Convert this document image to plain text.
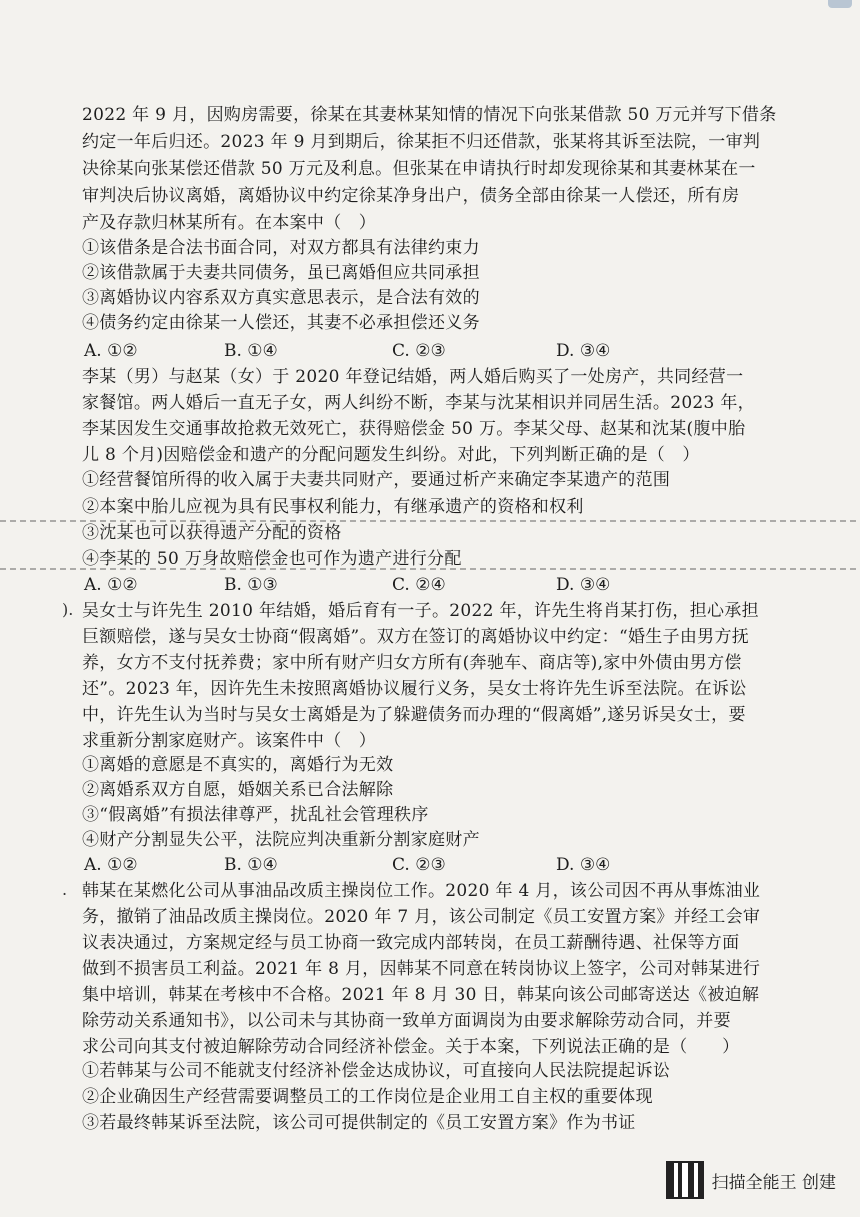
2022 年 9 月，因购房需要，徐某在其妻林某知情的情况下向张某借款 50 万元并写下借条
约定一年后归还。2023 年 9 月到期后，徐某拒不归还借款，张某将其诉至法院，一审判
决徐某向张某偿还借款 50 万元及利息。但张某在申请执行时却发现徐某和其妻林某在一
审判决后协议离婚，离婚协议中约定徐某净身出户，债务全部由徐某一人偿还，所有房
产及存款归林某所有。在本案中（　）
①该借条是合法书面合同，对双方都具有法律约束力
②该借款属于夫妻共同债务，虽已离婚但应共同承担
③离婚协议内容系双方真实意思表示，是合法有效的
④债务约定由徐某一人偿还，其妻不必承担偿还义务
A. ①②	B. ①④	C. ②③	D. ③④
李某（男）与赵某（女）于 2020 年登记结婚，两人婚后购买了一处房产，共同经营一
家餐馆。两人婚后一直无子女，两人纠纷不断，李某与沈某相识并同居生活。2023 年，
李某因发生交通事故抢救无效死亡，获得赔偿金 50 万。李某父母、赵某和沈某(腹中胎
儿 8 个月)因赔偿金和遗产的分配问题发生纠纷。对此，下列判断正确的是（　）
①经营餐馆所得的收入属于夫妻共同财产，要通过析产来确定李某遗产的范围
②本案中胎儿应视为具有民事权利能力，有继承遗产的资格和权利
③沈某也可以获得遗产分配的资格
④李某的 50 万身故赔偿金也可作为遗产进行分配
A. ①②	B. ①③	C. ②④	D. ③④
). 吴女士与许先生 2010 年结婚，婚后育有一子。2022 年，许先生将肖某打伤，担心承担
巨额赔偿，遂与吴女士协商“假离婚”。双方在签订的离婚协议中约定：“婚生子由男方抚
养，女方不支付抚养费；家中所有财产归女方所有(奔驰车、商店等),家中外债由男方偿
还”。2023 年，因许先生未按照离婚协议履行义务，吴女士将许先生诉至法院。在诉讼
中，许先生认为当时与吴女士离婚是为了躲避债务而办理的“假离婚”,遂另诉吴女士，要
求重新分割家庭财产。该案件中（　）
①离婚的意愿是不真实的，离婚行为无效
②离婚系双方自愿，婚姻关系已合法解除
③“假离婚”有损法律尊严，扰乱社会管理秩序
④财产分割显失公平，法院应判决重新分割家庭财产
A. ①②	B. ①④	C. ②③	D. ③④
. 韩某在某燃化公司从事油品改质主操岗位工作。2020 年 4 月，该公司因不再从事炼油业
务，撤销了油品改质主操岗位。2020 年 7 月，该公司制定《员工安置方案》并经工会审
议表决通过，方案规定经与员工协商一致完成内部转岗，在员工薪酬待遇、社保等方面
做到不损害员工利益。2021 年 8 月，因韩某不同意在转岗协议上签字，公司对韩某进行
集中培训，韩某在考核中不合格。2021 年 8 月 30 日，韩某向该公司邮寄送达《被迫解
除劳动关系通知书》，以公司未与其协商一致单方面调岗为由要求解除劳动合同，并要
求公司向其支付被迫解除劳动合同经济补偿金。关于本案，下列说法正确的是（　　）
①若韩某与公司不能就支付经济补偿金达成协议，可直接向人民法院提起诉讼
②企业确因生产经营需要调整员工的工作岗位是企业用工自主权的重要体现
③若最终韩某诉至法院，该公司可提供制定的《员工安置方案》作为书证
扫描全能王 创建
